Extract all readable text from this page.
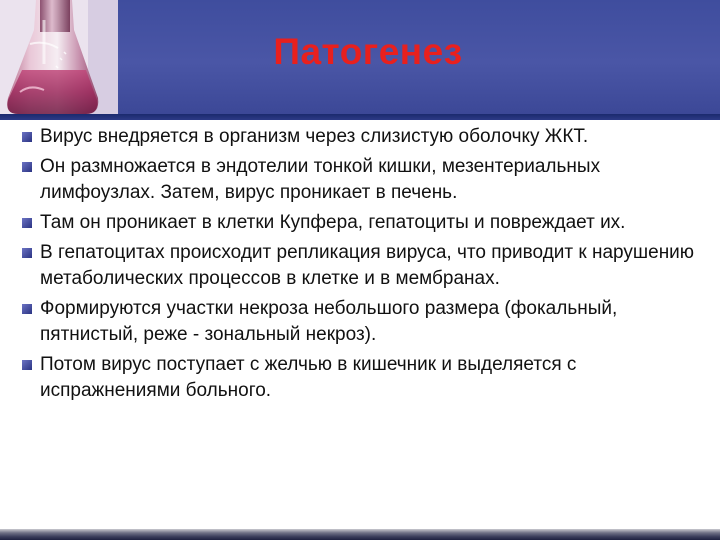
Патогенез
Вирус внедряется в организм через слизистую оболочку ЖКТ.
Он размножается в эндотелии тонкой кишки, мезентериальных лимфоузлах. Затем, вирус проникает в печень.
Там он проникает в клетки Купфера, гепатоциты и повреждает их.
В гепатоцитах происходит репликация вируса, что приводит к нарушению метаболических процессов в клетке и в мембранах.
Формируются участки некроза небольшого размера (фокальный, пятнистый, реже - зональный некроз).
Потом вирус поступает с желчью в кишечник и выделяется с испражнениями больного.
